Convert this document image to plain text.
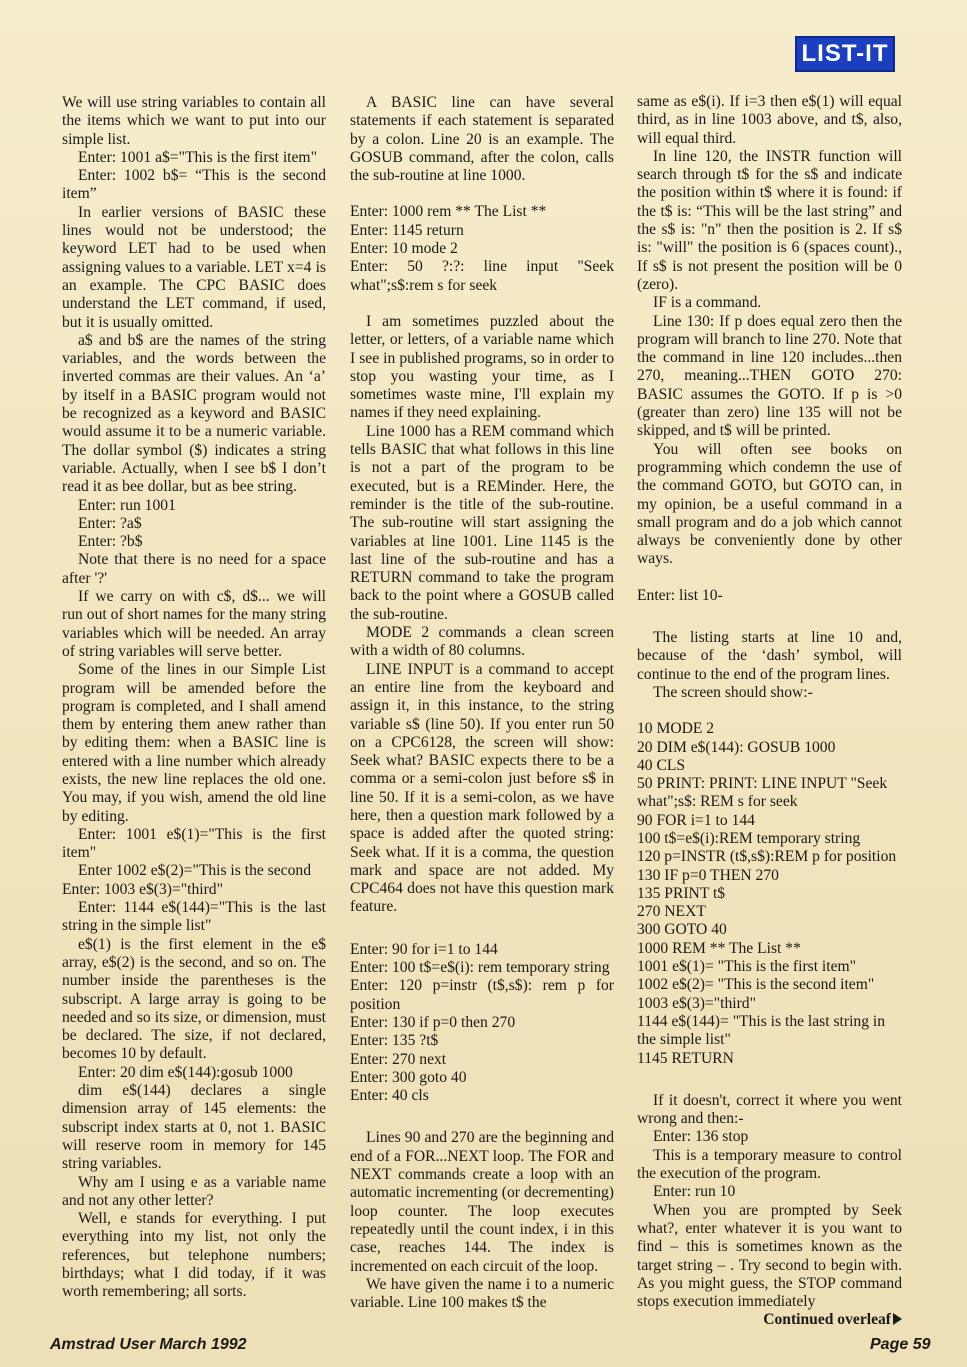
LIST-IT

We will use string variables to contain all the items which we want to put into our simple list.

Enter: 1001 a$="This is the first item"

Enter: 1002 b$= “This is the second item”

In earlier versions of BASIC these lines would not be understood; the keyword LET had to be used when assigning values to a variable. LET x=4 is an example. The CPC BASIC does understand the LET command, if used, but it is usually omitted.

a$ and b$ are the names of the string variables, and the words between the inverted commas are their values. An ‘a’ by itself in a BASIC program would not be recognized as a keyword and BASIC would assume it to be a numeric variable. The dollar symbol ($) indicates a string variable. Actually, when I see b$ I don’t read it as bee dollar, but as bee string.

Enter: run 1001

Enter: ?a$

Enter: ?b$

Note that there is no need for a space after '?'

If we carry on with c$, d$... we will run out of short names for the many string variables which will be needed. An array of string variables will serve better.

Some of the lines in our Simple List program will be amended before the program is completed, and I shall amend them by entering them anew rather than by editing them: when a BASIC line is entered with a line number which already exists, the new line replaces the old one. You may, if you wish, amend the old line by editing.

Enter: 1001 e$(1)="This is the first item"

Enter 1002 e$(2)="This is the second

Enter: 1003 e$(3)="third"

Enter: 1144 e$(144)="This is the last string in the simple list"

e$(1) is the first element in the e$ array, e$(2) is the second, and so on. The number inside the parentheses is the subscript. A large array is going to be needed and so its size, or dimension, must be declared. The size, if not declared, becomes 10 by default.

Enter: 20 dim e$(144):gosub 1000

dim e$(144) declares a single dimension array of 145 elements: the subscript index starts at 0, not 1. BASIC will reserve room in memory for 145 string variables.

Why am I using e as a variable name and not any other letter?

Well, e stands for everything. I put everything into my list, not only the references, but telephone numbers; birthdays; what I did today, if it was worth remembering; all sorts.

A BASIC line can have several statements if each statement is separated by a colon. Line 20 is an example. The GOSUB command, after the colon, calls the sub-routine at line 1000.

Enter: 1000 rem ** The List **

Enter: 1145 return

Enter: 10 mode 2

Enter: 50 ?:?: line input "Seek what";s$:rem s for seek

I am sometimes puzzled about the letter, or letters, of a variable name which I see in published programs, so in order to stop you wasting your time, as I sometimes waste mine, I'll explain my names if they need explaining.

Line 1000 has a REM command which tells BASIC that what follows in this line is not a part of the program to be executed, but is a REMinder. Here, the reminder is the title of the sub-routine. The sub-routine will start assigning the variables at line 1001. Line 1145 is the last line of the sub-routine and has a RETURN command to take the program back to the point where a GOSUB called the sub-routine.

MODE 2 commands a clean screen with a width of 80 columns.

LINE INPUT is a command to accept an entire line from the keyboard and assign it, in this instance, to the string variable s$ (line 50). If you enter run 50 on a CPC6128, the screen will show: Seek what? BASIC expects there to be a comma or a semi-colon just before s$ in line 50. If it is a semi-colon, as we have here, then a question mark followed by a space is added after the quoted string: Seek what. If it is a comma, the question mark and space are not added. My CPC464 does not have this question mark feature.

Enter: 90 for i=1 to 144

Enter: 100 t$=e$(i): rem temporary string

Enter: 120 p=instr (t$,s$): rem p for position

Enter: 130 if p=0 then 270

Enter: 135 ?t$

Enter: 270 next

Enter: 300 goto 40

Enter: 40 cls

Lines 90 and 270 are the beginning and end of a FOR...NEXT loop. The FOR and NEXT commands create a loop with an automatic incrementing (or decrementing) loop counter. The loop executes repeatedly until the count index, i in this case, reaches 144. The index is incremented on each circuit of the loop.

We have given the name i to a numeric variable. Line 100 makes t$ the

same as e$(i). If i=3 then e$(1) will equal third, as in line 1003 above, and t$, also, will equal third.

In line 120, the INSTR function will search through t$ for the s$ and indicate the position within t$ where it is found: if the t$ is: “This will be the last string” and the s$ is: "n" then the position is 2. If s$ is: "will" the position is 6 (spaces count)., If s$ is not present the position will be 0 (zero).

IF is a command.

Line 130: If p does equal zero then the program will branch to line 270. Note that the command in line 120 includes...then 270, meaning...THEN GOTO 270: BASIC assumes the GOTO. If p is >0 (greater than zero) line 135 will not be skipped, and t$ will be printed.

You will often see books on programming which condemn the use of the command GOTO, but GOTO can, in my opinion, be a useful command in a small program and do a job which cannot always be conveniently done by other ways.

Enter: list 10-

The listing starts at line 10 and, because of the ‘dash’ symbol, will continue to the end of the program lines.

The screen should show:-

10 MODE 2

20 DIM e$(144): GOSUB 1000

40 CLS

50 PRINT: PRINT: LINE INPUT "Seek what";s$: REM s for seek

90 FOR i=1 to 144

100 t$=e$(i):REM temporary string

120 p=INSTR (t$,s$):REM p for position

130 IF p=0 THEN 270

135 PRINT t$

270 NEXT

300 GOTO 40

1000 REM ** The List **

1001 e$(1)= "This is the first item"

1002 e$(2)= "This is the second item"

1003 e$(3)="third"

1144 e$(144)= "This is the last string in the simple list"

1145 RETURN

If it doesn't, correct it where you went wrong and then:-

Enter: 136 stop

This is a temporary measure to control the execution of the program.

Enter: run 10

When you are prompted by Seek what?, enter whatever it is you want to find – this is sometimes known as the target string – . Try second to begin with. As you might guess, the STOP command stops execution immediately

Continued overleaf

Amstrad User March 1992	Page 59
